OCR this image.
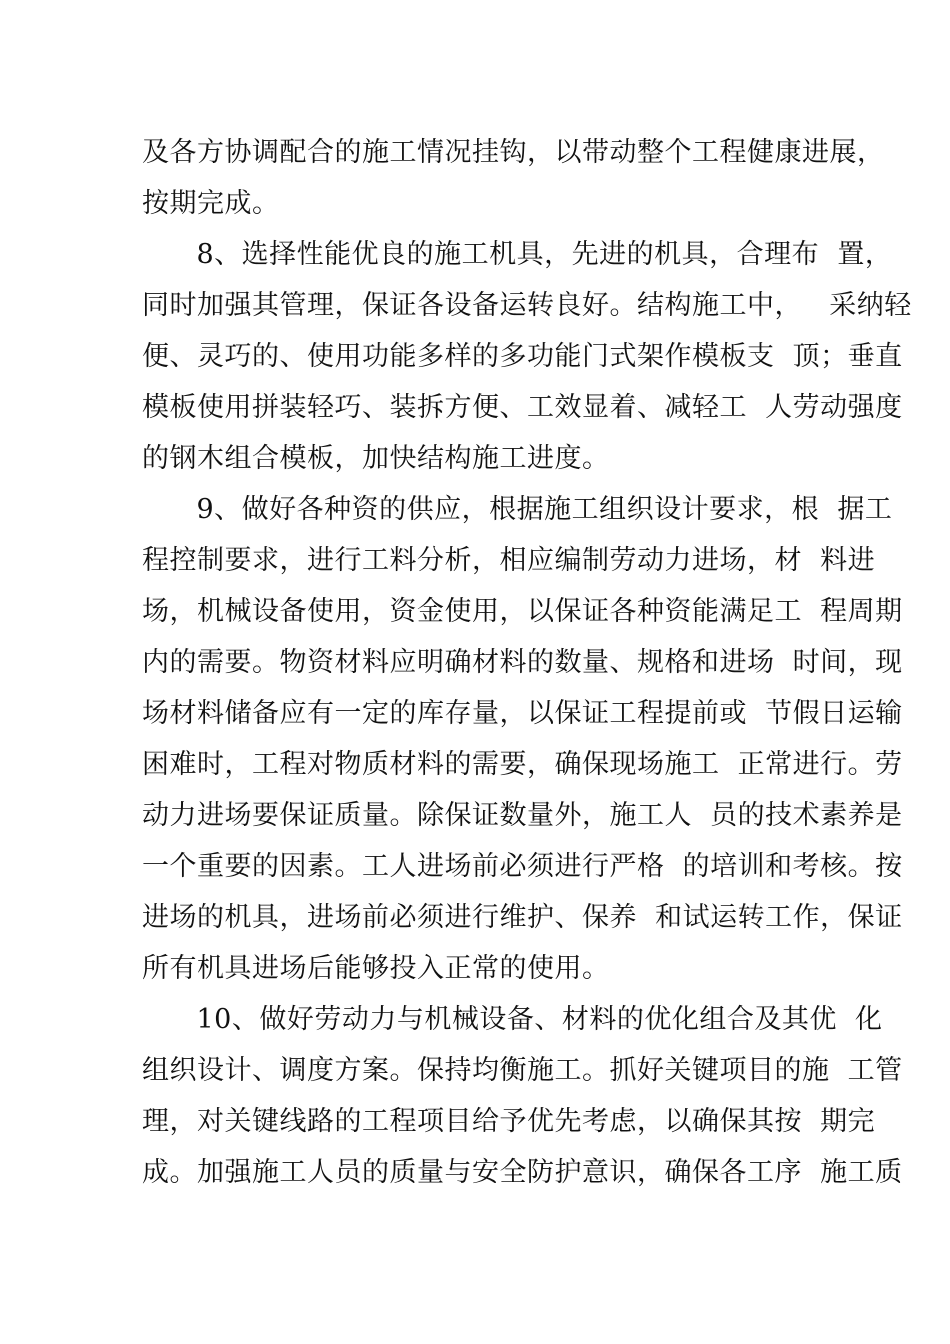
及各方协调配合的施工情况挂钩，以带动整个工程健康进展，
按期完成。
8、选择性能优良的施工机具，先进的机具，合理布  置，
同时加强其管理，保证各设备运转良好。结构施工中，   采纳轻
便、灵巧的、使用功能多样的多功能门式架作模板支  顶；垂直
模板使用拼装轻巧、装拆方便、工效显着、减轻工  人劳动强度
的钢木组合模板，加快结构施工进度。
9、做好各种资的供应，根据施工组织设计要求，根  据工
程控制要求，进行工料分析，相应编制劳动力进场，材  料进
场，机械设备使用，资金使用，以保证各种资能满足工  程周期
内的需要。物资材料应明确材料的数量、规格和进场  时间，现
场材料储备应有一定的库存量，以保证工程提前或  节假日运输
困难时，工程对物质材料的需要，确保现场施工  正常进行。劳
动力进场要保证质量。除保证数量外，施工人  员的技术素养是
一个重要的因素。工人进场前必须进行严格  的培训和考核。按
进场的机具，进场前必须进行维护、保养  和试运转工作，保证
所有机具进场后能够投入正常的使用。
10、做好劳动力与机械设备、材料的优化组合及其优  化
组织设计、调度方案。保持均衡施工。抓好关键项目的施  工管
理，对关键线路的工程项目给予优先考虑，以确保其按  期完
成。加强施工人员的质量与安全防护意识，确保各工序  施工质
